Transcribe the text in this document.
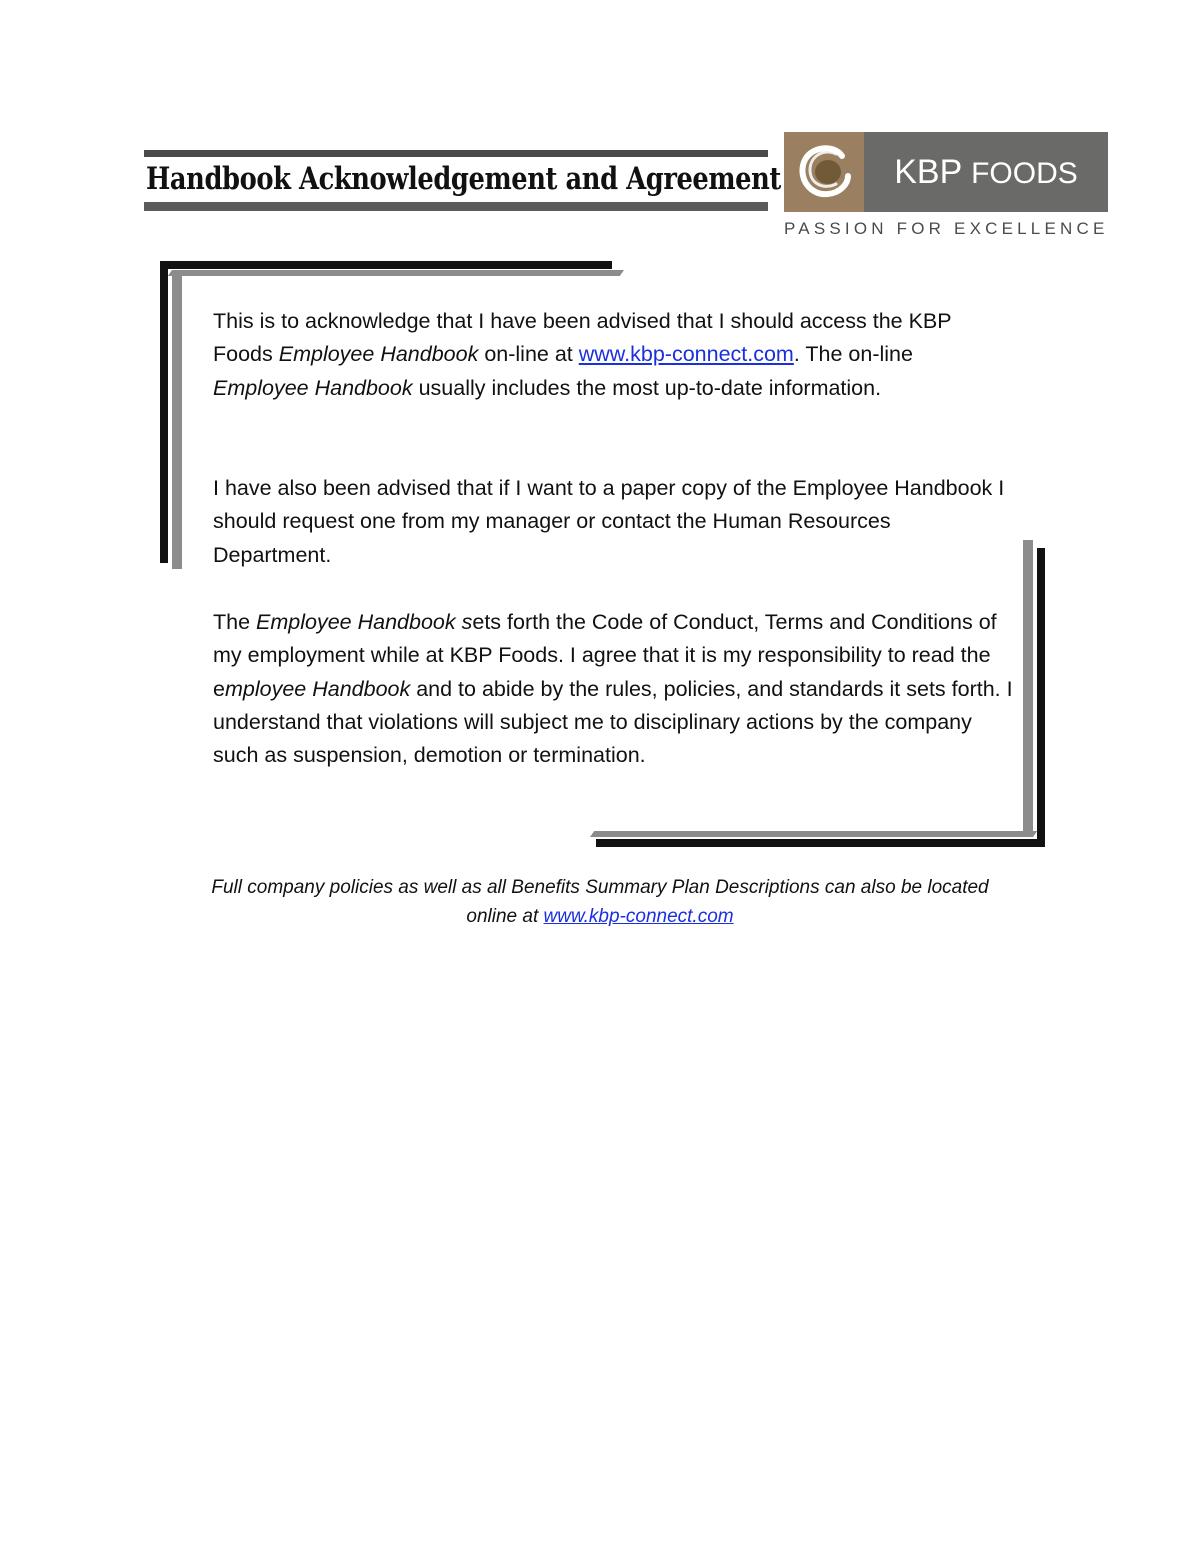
Handbook Acknowledgement and Agreement	KBP FOODS
PASSION FOR EXCELLENCE

This is to acknowledge that I have been advised that I should access the KBP Foods Employee Handbook on-line at www.kbp-connect.com. The on-line Employee Handbook usually includes the most up-to-date information.

I have also been advised that if I want to a paper copy of the Employee Handbook I should request one from my manager or contact the Human Resources Department.

The Employee Handbook sets forth the Code of Conduct, Terms and Conditions of my employment while at KBP Foods. I agree that it is my responsibility to read the employee Handbook and to abide by the rules, policies, and standards it sets forth. I understand that violations will subject me to disciplinary actions by the company such as suspension, demotion or termination.

Full company policies as well as all Benefits Summary Plan Descriptions can also be located
online at www.kbp-connect.com
